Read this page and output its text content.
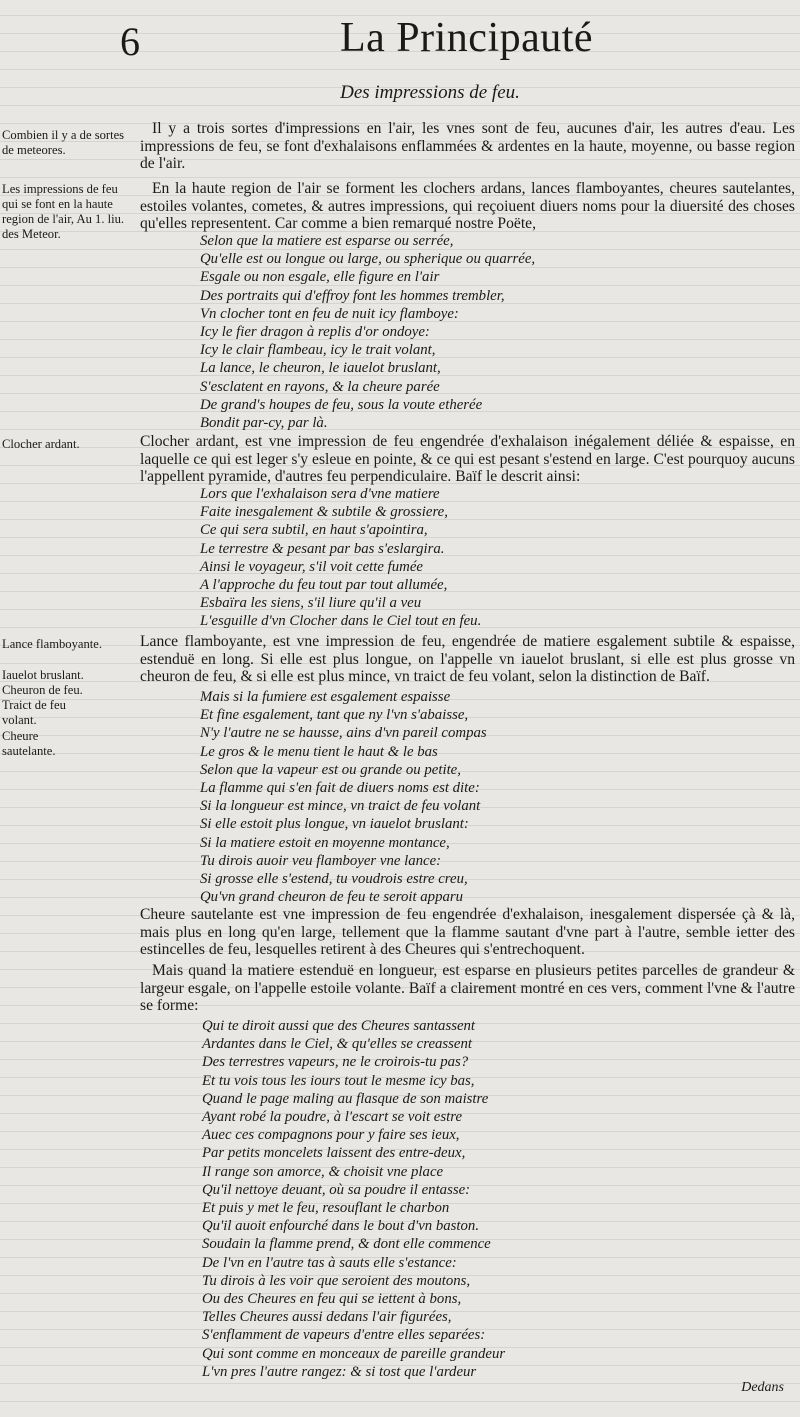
6	La Principauté
Des impressions de feu.
Combien il y a de sortes de meteores.
Les impressions de feu qui se font en la haute region de l'air, Au 1. liu. des Meteor.
Clocher ardant.
Lance flamboyante.
Iauelot bruslant.
Cheuron de feu.
Traict de feu volant.
Cheure sautelante.

Il y a trois sortes d'impressions en l'air, les vnes sont de feu, aucunes d'air, les autres d'eau. Les impressions de feu, se font d'exhalaisons enflammées & ardentes en la haute, moyenne, ou basse region de l'air.

En la haute region de l'air se forment les clochers ardans, lances flamboyantes, cheures sautelantes, estoiles volantes, cometes, & autres impressions, qui reçoiuent diuers noms pour la diuersité des choses qu'elles representent. Car comme a bien remarqué nostre Poëte,

Selon que la matiere est esparse ou serrée,
Qu'elle est ou longue ou large, ou spherique ou quarrée,
Esgale ou non esgale, elle figure en l'air
Des portraits qui d'effroy font les hommes trembler,
Vn clocher tont en feu de nuit icy flamboye:
Icy le fier dragon à replis d'or ondoye:
Icy le clair flambeau, icy le trait volant,
La lance, le cheuron, le iauelot bruslant,
S'esclatent en rayons, & la cheure parée
De grand's houpes de feu, sous la voute etherée
Bondit par-cy, par là.

Clocher ardant, est vne impression de feu engendrée d'exhalaison inégalement déliée & espaisse, en laquelle ce qui est leger s'y esleue en pointe, & ce qui est pesant s'estend en large. C'est pourquoy aucuns l'appellent pyramide, d'autres feu perpendiculaire. Baïf le descrit ainsi:

Lors que l'exhalaison sera d'vne matiere
Faite inesgalement & subtile & grossiere,
Ce qui sera subtil, en haut s'apointira,
Le terrestre & pesant par bas s'eslargira.
Ainsi le voyageur, s'il voit cette fumée
A l'approche du feu tout par tout allumée,
Esbaïra les siens, s'il liure qu'il a veu
L'esguille d'vn Clocher dans le Ciel tout en feu.

Lance flamboyante, est vne impression de feu, engendrée de matiere esgalement subtile & espaisse, estenduë en long. Si elle est plus longue, on l'appelle vn iauelot bruslant, si elle est plus grosse vn cheuron de feu, & si elle est plus mince, vn traict de feu volant, selon la distinction de Baïf.

Mais si la fumiere est esgalement espaisse
Et fine esgalement, tant que ny l'vn s'abaisse,
N'y l'autre ne se hausse, ains d'vn pareil compas
Le gros & le menu tient le haut & le bas
Selon que la vapeur est ou grande ou petite,
La flamme qui s'en fait de diuers noms est dite:
Si la longueur est mince, vn traict de feu volant
Si elle estoit plus longue, vn iauelot bruslant:
Si la matiere estoit en moyenne montance,
Tu dirois auoir veu flamboyer vne lance:
Si grosse elle s'estend, tu voudrois estre creu,
Qu'vn grand cheuron de feu te seroit apparu

Cheure sautelante est vne impression de feu engendrée d'exhalaison, inesgalement dispersée çà & là, mais plus en long qu'en large, tellement que la flamme sautant d'vne part à l'autre, semble ietter des estincelles de feu, lesquelles retirent à des Cheures qui s'entrechoquent.

Mais quand la matiere estenduë en longueur, est esparse en plusieurs petites parcelles de grandeur & largeur esgale, on l'appelle estoile volante. Baïf a clairement montré en ces vers, comment l'vne & l'autre se forme:

Qui te diroit aussi que des Cheures santassent
Ardantes dans le Ciel, & qu'elles se creassent
Des terrestres vapeurs, ne le croirois-tu pas?
Et tu vois tous les iours tout le mesme icy bas,
Quand le page maling au flasque de son maistre
Ayant robé la poudre, à l'escart se voit estre
Auec ces compagnons pour y faire ses ieux,
Par petits moncelets laissent des entre-deux,
Il range son amorce, & choisit vne place
Qu'il nettoye deuant, où sa poudre il entasse:
Et puis y met le feu, resouflant le charbon
Qu'il auoit enfourché dans le bout d'vn baston.
Soudain la flamme prend, & dont elle commence
De l'vn en l'autre tas à sauts elle s'estance:
Tu dirois à les voir que seroient des moutons,
Ou des Cheures en feu qui se iettent à bons,
Telles Cheures aussi dedans l'air figurées,
S'enflamment de vapeurs d'entre elles separées:
Qui sont comme en monceaux de pareille grandeur
L'vn pres l'autre rangez: & si tost que l'ardeur
Dedans
